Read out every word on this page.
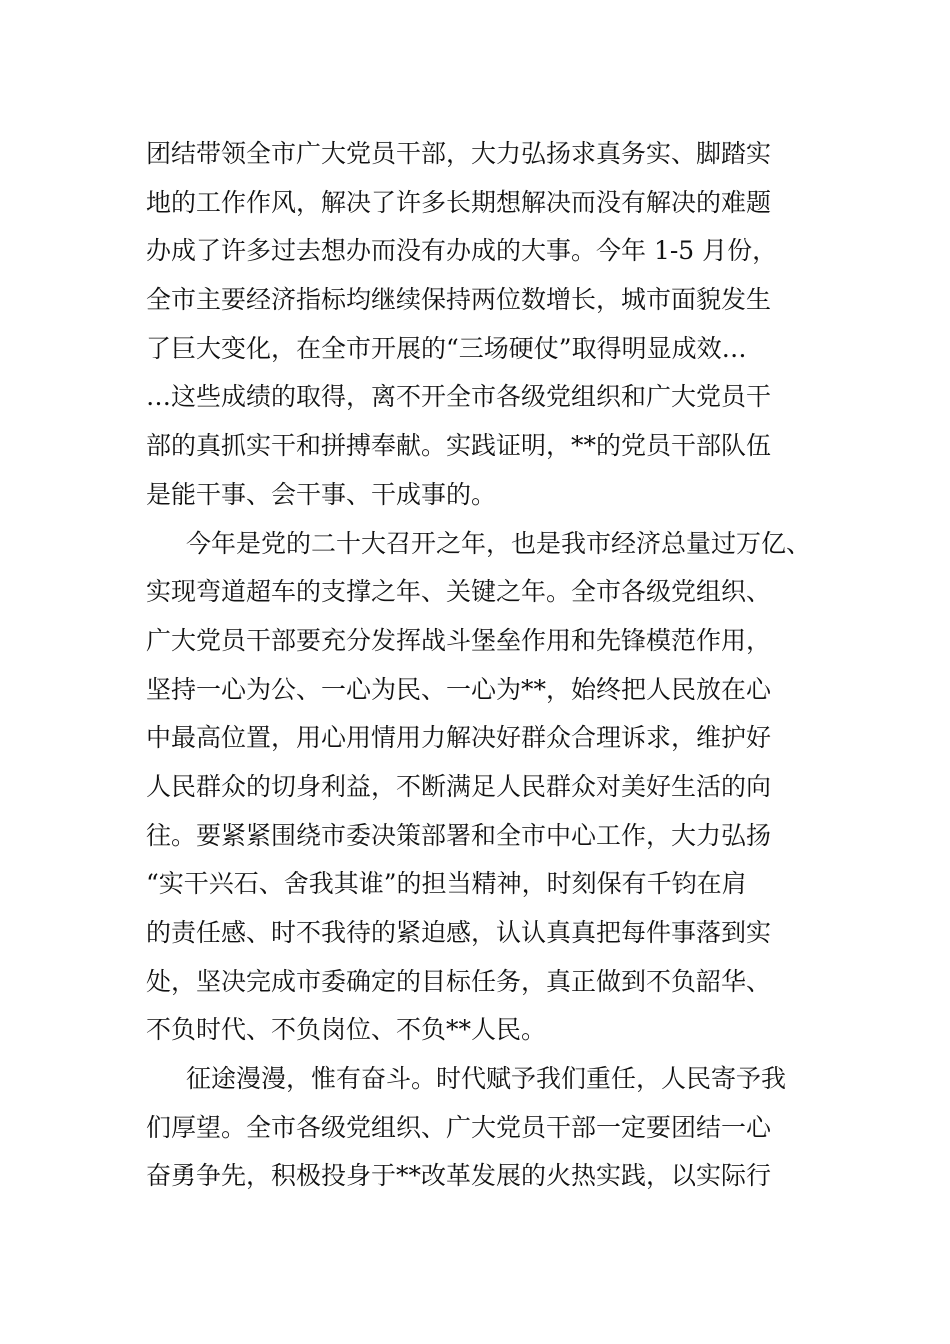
团结带领全市广大党员干部，大力弘扬求真务实、脚踏实
地的工作作风，解决了许多长期想解决而没有解决的难题
办成了许多过去想办而没有办成的大事。今年 1-5 月份，
全市主要经济指标均继续保持两位数增长，城市面貌发生
了巨大变化，在全市开展的“三场硬仗”取得明显成效…
…这些成绩的取得，离不开全市各级党组织和广大党员干
部的真抓实干和拼搏奉献。实践证明，**的党员干部队伍
是能干事、会干事、干成事的。
今年是党的二十大召开之年，也是我市经济总量过万亿、
实现弯道超车的支撑之年、关键之年。全市各级党组织、
广大党员干部要充分发挥战斗堡垒作用和先锋模范作用，
坚持一心为公、一心为民、一心为**，始终把人民放在心
中最高位置，用心用情用力解决好群众合理诉求，维护好
人民群众的切身利益，不断满足人民群众对美好生活的向
往。要紧紧围绕市委决策部署和全市中心工作，大力弘扬
“实干兴石、舍我其谁”的担当精神，时刻保有千钧在肩
的责任感、时不我待的紧迫感，认认真真把每件事落到实
处，坚决完成市委确定的目标任务，真正做到不负韶华、
不负时代、不负岗位、不负**人民。
征途漫漫，惟有奋斗。时代赋予我们重任，人民寄予我
们厚望。全市各级党组织、广大党员干部一定要团结一心
奋勇争先，积极投身于**改革发展的火热实践，以实际行
